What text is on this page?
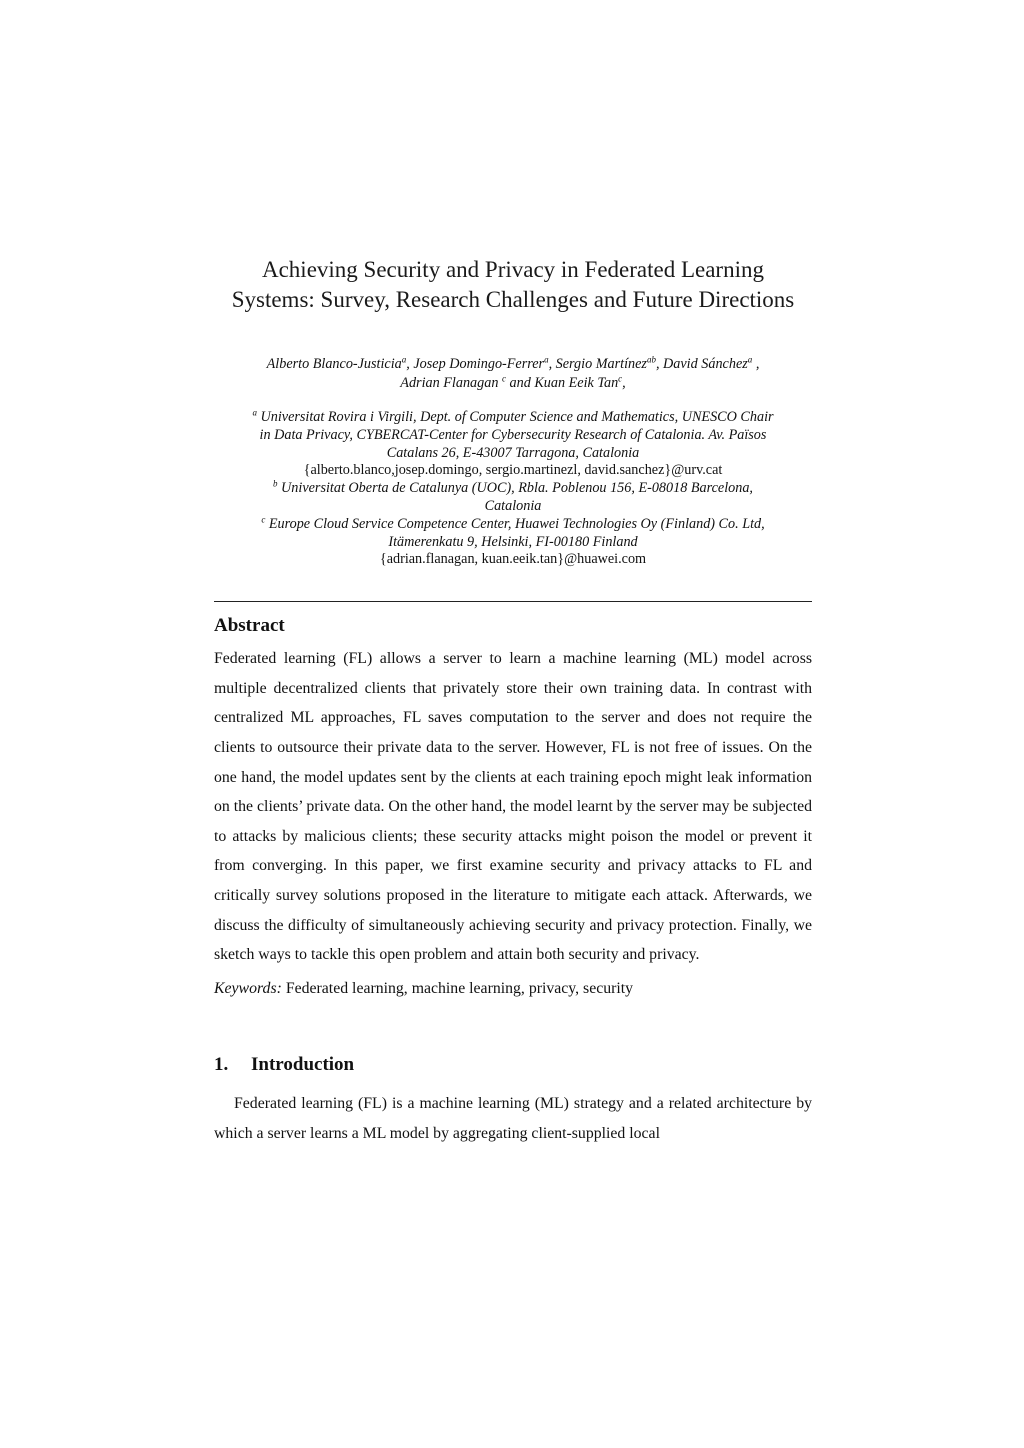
Achieving Security and Privacy in Federated Learning
Systems: Survey, Research Challenges and Future Directions
Alberto Blanco-Justicia$^a$, Josep Domingo-Ferrer$^a$, Sergio Martínez$^{ab}$, David Sánchez$^a$ ,
Adrian Flanagan $^c$ and Kuan Eeik Tan$^c$,
$^a$ Universitat Rovira i Virgili, Dept. of Computer Science and Mathematics, UNESCO Chair
in Data Privacy, CYBERCAT-Center for Cybersecurity Research of Catalonia. Av. Països
Catalans 26, E-43007 Tarragona, Catalonia
{alberto.blanco,josep.domingo, sergio.martinezl, david.sanchez}@urv.cat
$^b$ Universitat Oberta de Catalunya (UOC), Rbla. Poblenou 156, E-08018 Barcelona,
Catalonia
$^c$ Europe Cloud Service Competence Center, Huawei Technologies Oy (Finland) Co. Ltd,
Itämerenkatu 9, Helsinki, FI-00180 Finland
{adrian.flanagan, kuan.eeik.tan}@huawei.com
Abstract
Federated learning (FL) allows a server to learn a machine learning (ML) model across multiple decentralized clients that privately store their own training data. In contrast with centralized ML approaches, FL saves computation to the server and does not require the clients to outsource their private data to the server. However, FL is not free of issues. On the one hand, the model updates sent by the clients at each training epoch might leak information on the clients’ private data. On the other hand, the model learnt by the server may be subjected to attacks by malicious clients; these security attacks might poison the model or prevent it from converging. In this paper, we first examine security and privacy attacks to FL and critically survey solutions proposed in the literature to mitigate each attack. Afterwards, we discuss the difficulty of simultaneously achieving security and privacy protection. Finally, we sketch ways to tackle this open problem and attain both security and privacy.
Keywords: Federated learning, machine learning, privacy, security
1.	Introduction
Federated learning (FL) is a machine learning (ML) strategy and a related architecture by which a server learns a ML model by aggregating client-supplied local
